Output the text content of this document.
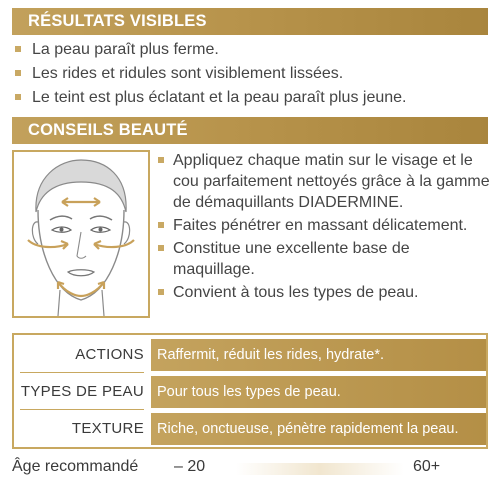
RÉSULTATS VISIBLES
La peau paraît plus ferme.
Les rides et ridules sont visiblement lissées.
Le teint est plus éclatant et la peau paraît plus jeune.
CONSEILS BEAUTÉ
Appliquez chaque matin sur le visage et le cou parfaitement nettoyés grâce à la gamme de démaquillants DIADERMINE.
Faites pénétrer en massant délicatement.
Constitue une excellente base de maquillage.
Convient à tous les types de peau.
ACTIONS Raffermit, réduit les rides, hydrate*.
TYPES DE PEAU Pour tous les types de peau.
TEXTURE Riche, onctueuse, pénètre rapidement la peau.
Âge recommandé – 20	60+
